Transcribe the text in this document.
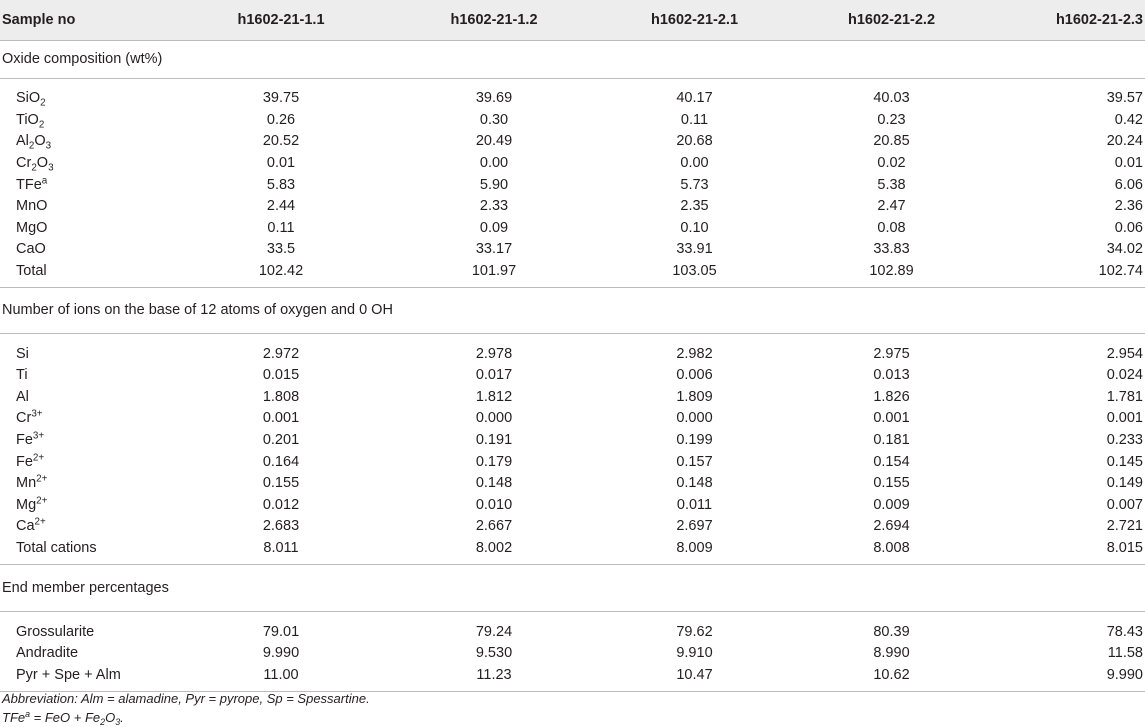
Sample no	h1602-21-1.1	h1602-21-1.2	h1602-21-2.1	h1602-21-2.2	h1602-21-2.3
Oxide composition (wt%)					

SiO$_2$	39.75	39.69	40.17	40.03	39.57
TiO$_2$	0.26	0.30	0.11	0.23	0.42
$Al_2O_3$	20.52	20.49	20.68	20.85	20.24
$Cr_2O_3$	0.01	0.00	0.00	0.02	0.01
TFe$^a$	5.83	5.90	5.73	5.38	6.06
MnO	2.44	2.33	2.35	2.47	2.36
MgO	0.11	0.09	0.10	0.08	0.06
CaO	33.5	33.17	33.91	33.83	34.02
Total	102.42	101.97	103.05	102.89	102.74

Number of ions on the base of 12 atoms of oxygen and 0 OH					

Si	2.972	2.978	2.982	2.975	2.954
Ti	0.015	0.017	0.006	0.013	0.024
Al	1.808	1.812	1.809	1.826	1.781
$Cr^{3+}$	0.001	0.000	0.000	0.001	0.001
$Fe^{3+}$	0.201	0.191	0.199	0.181	0.233
$Fe^{2+}$	0.164	0.179	0.157	0.154	0.145
$Mn^{2+}$	0.155	0.148	0.148	0.155	0.149
$Mg^{2+}$	0.012	0.010	0.011	0.009	0.007
$Ca^{2+}$	2.683	2.667	2.697	2.694	2.721
Total cations	8.011	8.002	8.009	8.008	8.015

End member percentages					

Grossularite	79.01	79.24	79.62	80.39	78.43
Andradite	9.990	9.530	9.910	8.990	11.58
Pyr + Spe + Alm	11.00	11.23	10.47	10.62	9.990

Abbreviation: Alm = alamadine, Pyr = pyrope, Sp = Spessartine.
TFe$^a$ = FeO + $Fe_2O_3$.
